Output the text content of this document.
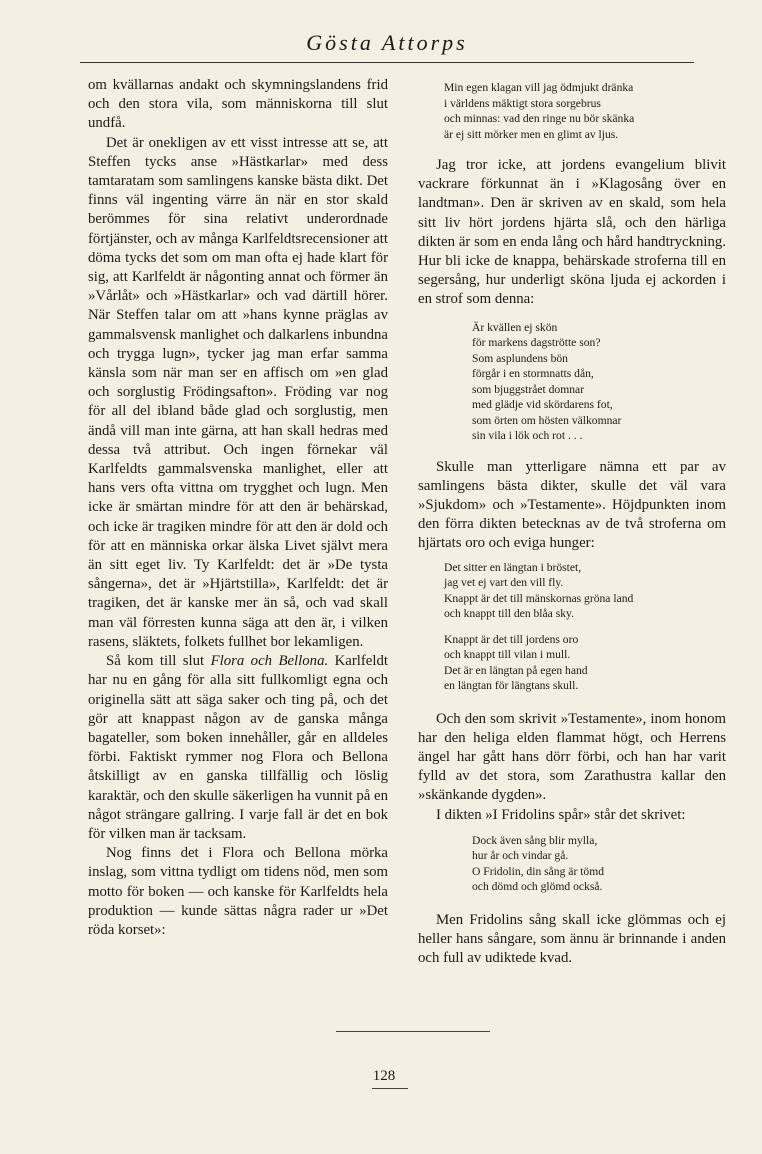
Gösta Attorps

om kvällarnas andakt och skymningslandens frid och den stora vila, som människorna till slut undfå.

Det är onekligen av ett visst intresse att se, att Steffen tycks anse »Hästkarlar» med dess tamtaratam som samlingens kanske bästa dikt. Det finns väl ingenting värre än när en stor skald berömmes för sina relativt underordnade förtjänster, och av många Karlfeldtsrecensioner att döma tycks det som om man ofta ej hade klart för sig, att Karlfeldt är någonting annat och förmer än »Vårlåt» och »Hästkarlar» och vad därtill hörer. När Steffen talar om att »hans kynne präglas av gammalsvensk manlighet och dalkarlens inbundna och trygga lugn», tycker jag man erfar samma känsla som när man ser en affisch om »en glad och sorglustig Frödingsafton». Fröding var nog för all del ibland både glad och sorglustig, men ändå vill man inte gärna, att han skall hedras med dessa två attribut. Och ingen förnekar väl Karlfeldts gammalsvenska manlighet, eller att hans vers ofta vittna om trygghet och lugn. Men icke är smärtan mindre för att den är behärskad, och icke är tragiken mindre för att den är dold och för att en människa orkar älska Livet självt mera än sitt eget liv. Ty Karlfeldt: det är »De tysta sångerna», det är »Hjärtstilla», Karlfeldt: det är tragiken, det är kanske mer än så, och vad skall man väl förresten kunna säga att den är, i vilken rasens, släktets, folkets fullhet bor lekamligen.

Så kom till slut Flora och Bellona. Karlfeldt har nu en gång för alla sitt fullkomligt egna och originella sätt att säga saker och ting på, och det gör att knappast någon av de ganska många bagateller, som boken innehåller, går en alldeles förbi. Faktiskt rymmer nog Flora och Bellona åtskilligt av en ganska tillfällig och löslig karaktär, och den skulle säkerligen ha vunnit på en något strängare gallring. I varje fall är det en bok för vilken man är tacksam.

Nog finns det i Flora och Bellona mörka inslag, som vittna tydligt om tidens nöd, men som motto för boken — och kanske för Karlfeldts hela produktion — kunde sättas några rader ur »Det röda korset»:

Min egen klagan vill jag ödmjukt dränka
i världens mäktigt stora sorgebrus
och minnas: vad den ringe nu bör skänka
är ej sitt mörker men en glimt av ljus.

Jag tror icke, att jordens evangelium blivit vackrare förkunnat än i »Klagosång över en landtman». Den är skriven av en skald, som hela sitt liv hört jordens hjärta slå, och den härliga dikten är som en enda lång och hård handtryckning. Hur bli icke de knappa, behärskade stroferna till en segersång, hur underligt sköna ljuda ej ackorden i en strof som denna:

Är kvällen ej skön
för markens dagströtte son?
Som asplundens bön
förgår i en stormnatts dån,
som bjuggstrået domnar
med glädje vid skördarens fot,
som örten om hösten välkomnar
sin vila i lök och rot . . .

Skulle man ytterligare nämna ett par av samlingens bästa dikter, skulle det väl vara »Sjukdom» och »Testamente». Höjdpunkten inom den förra dikten betecknas av de två stroferna om hjärtats oro och eviga hunger:

Det sitter en längtan i bröstet,
jag vet ej vart den vill fly.
Knappt är det till mänskornas gröna land
och knappt till den blåa sky.
Knappt är det till jordens oro
och knappt till vilan i mull.
Det är en längtan på egen hand
en längtan för längtans skull.

Och den som skrivit »Testamente», inom honom har den heliga elden flammat högt, och Herrens ängel har gått hans dörr förbi, och han har varit fylld av det stora, som Zarathustra kallar den »skänkande dygden».

I dikten »I Fridolins spår» står det skrivet:

Dock även sång blir mylla,
hur år och vindar gå.
O Fridolin, din sång är tömd
och dömd och glömd också.

Men Fridolins sång skall icke glömmas och ej heller hans sångare, som ännu är brinnande i anden och full av udiktede kvad.

128
